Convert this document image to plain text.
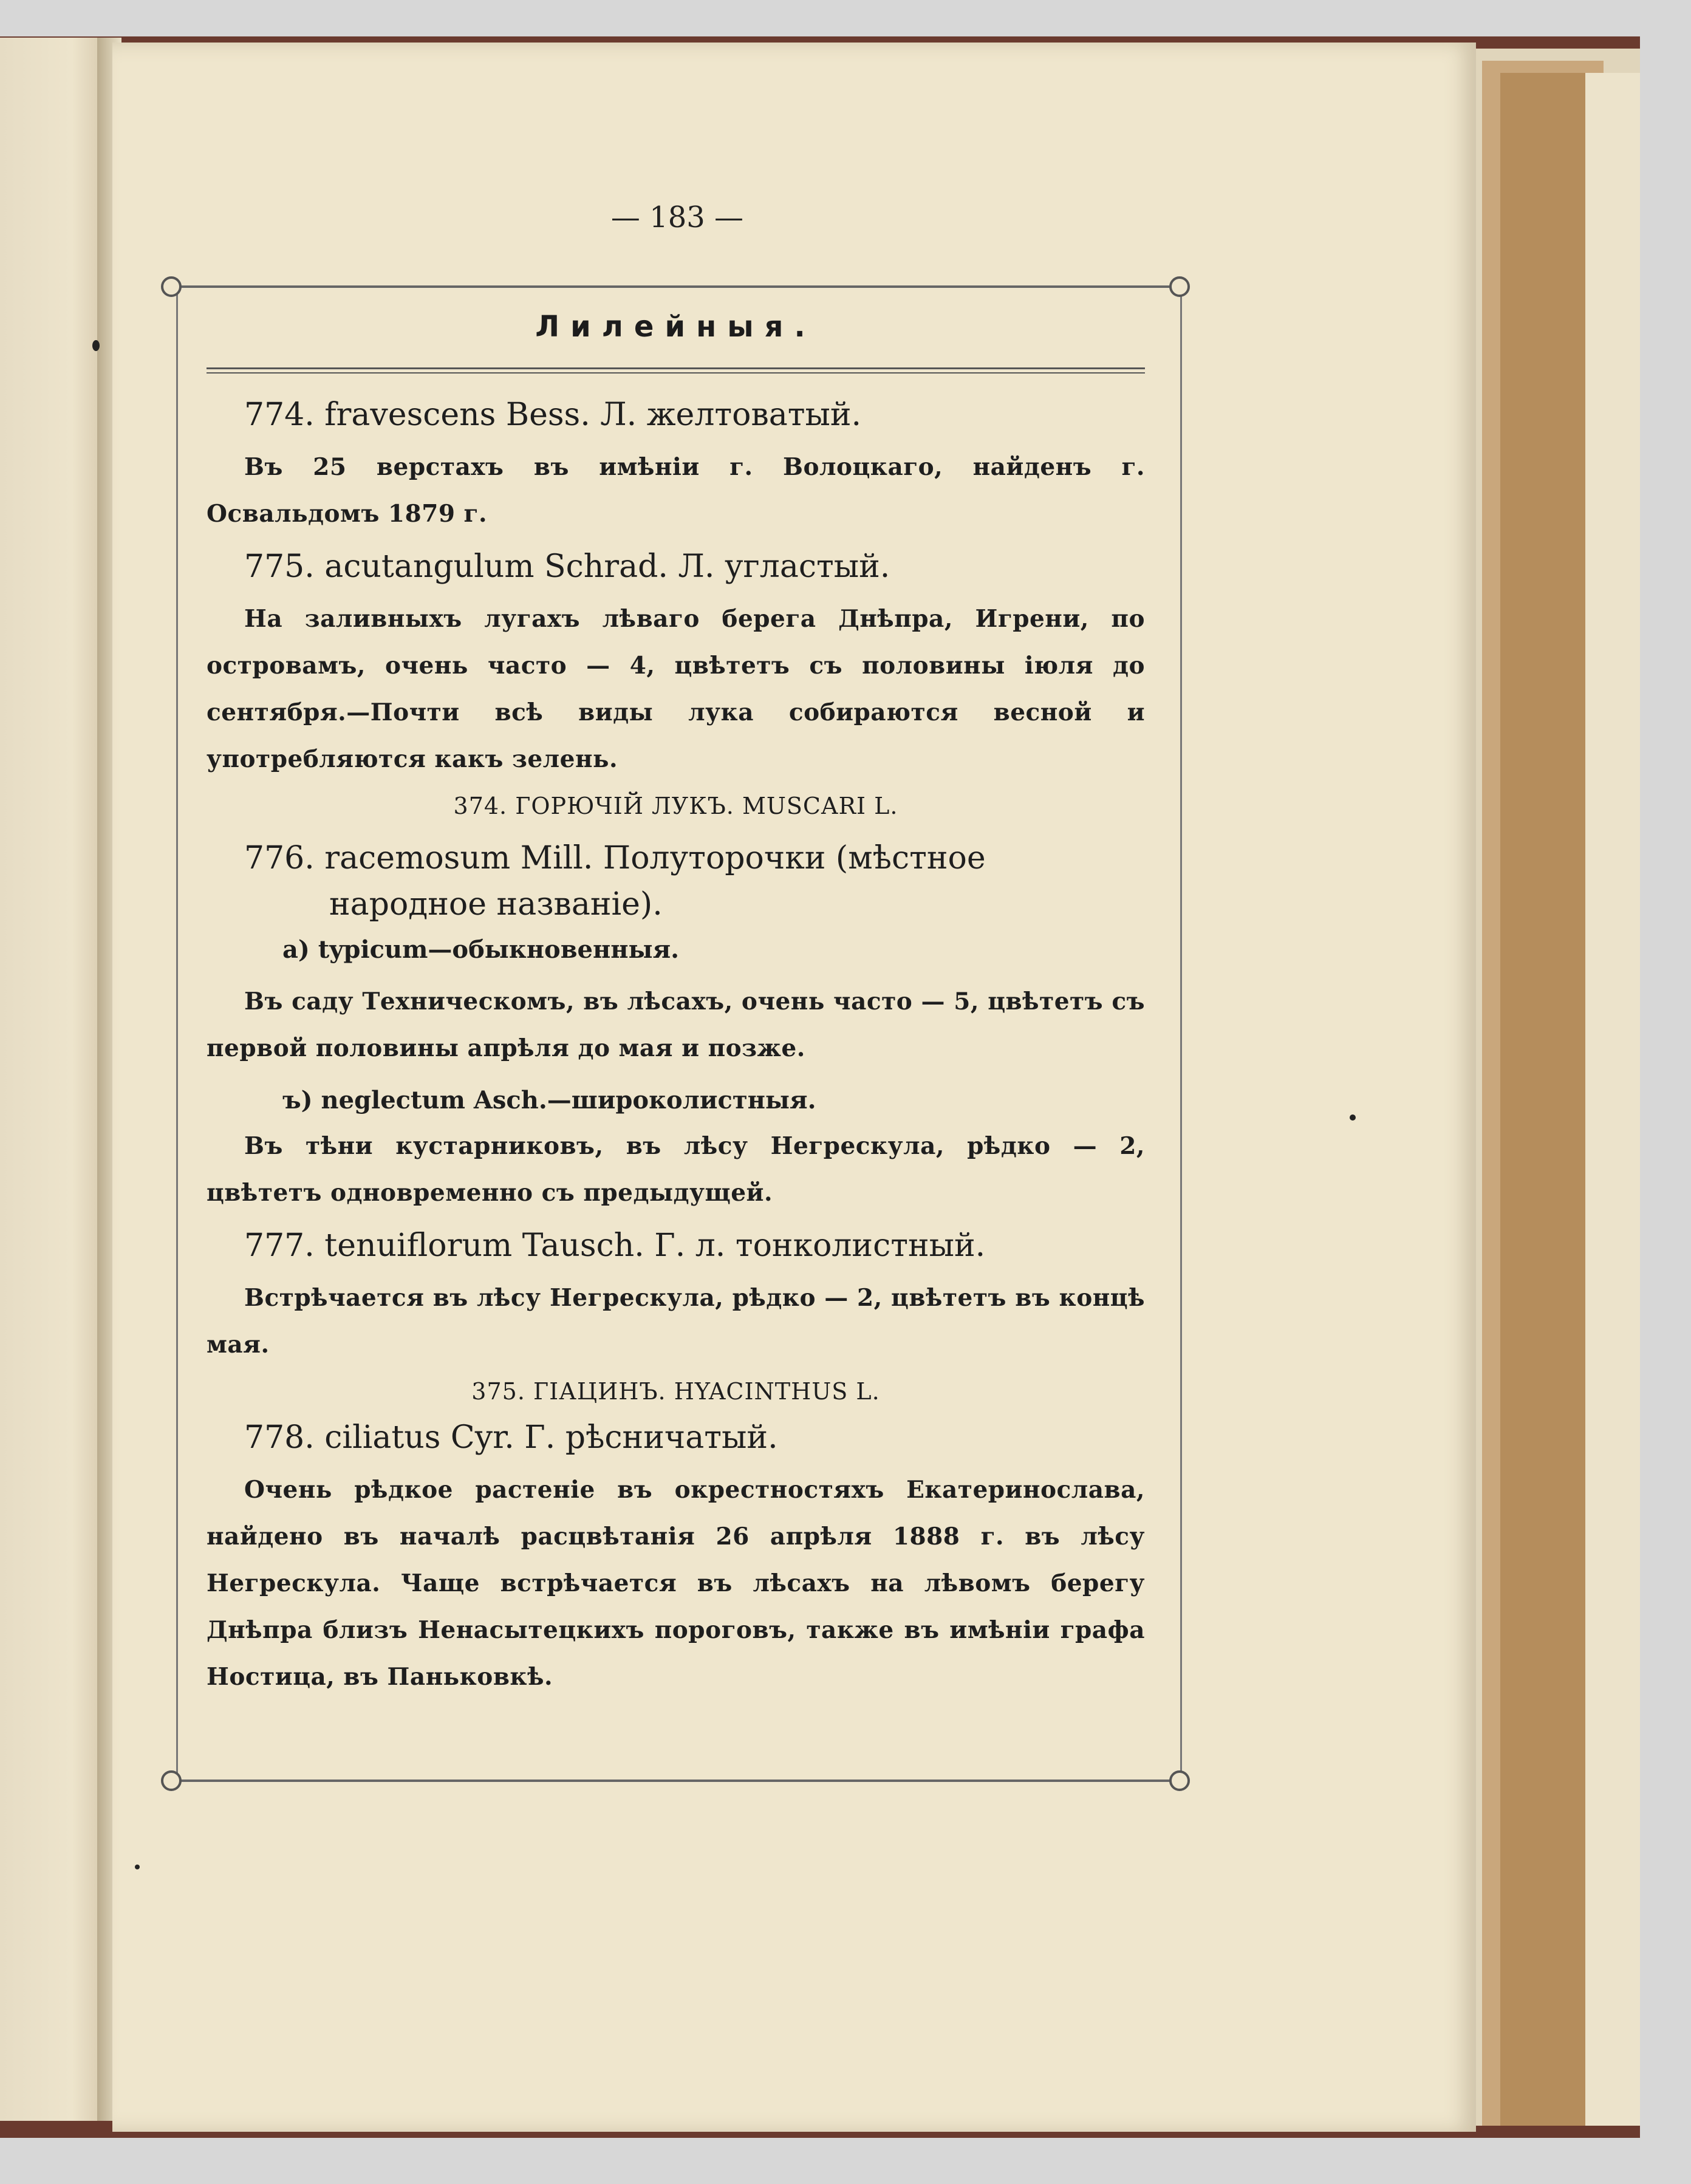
— 183 —
Лилейныя.

774. fravescens Bess. Л. желтоватый.

Въ 25 верстахъ въ имѣніи г. Волоцкаго, найденъ г. Освальдомъ 1879 г.

775. acutangulum Schrad. Л. угластый.

На заливныхъ лугахъ лѣваго берега Днѣпра, Игрени, по островамъ, очень часто — 4, цвѣтетъ съ половины іюля до сентября.—Почти всѣ виды лука собираются весной и употребляются какъ зелень.

374. ГОРЮЧІЙ ЛУКЪ. MUSCARI L.

776. racemosum Mill. Полуторочки (мѣстное народное названіе).

а) typicum—обыкновенныя.

Въ саду Техническомъ, въ лѣсахъ, очень часто — 5, цвѣтетъ съ первой половины апрѣля до мая и позже.

ъ) neglectum Asch.—широколистныя.

Въ тѣни кустарниковъ, въ лѣсу Негрескула, рѣдко — 2, цвѣтетъ одновременно съ предыдущей.

777. tenuiflorum Tausch. Г. л. тонколистный.

Встрѣчается въ лѣсу Негрескула, рѣдко — 2, цвѣтетъ въ концѣ мая.

375. ГІАЦИНЪ. HYACINTHUS L.

778. ciliatus Cyr. Г. рѣсничатый.

Очень рѣдкое растеніе въ окрестностяхъ Екатеринослава, найдено въ началѣ расцвѣтанія 26 апрѣля 1888 г. въ лѣсу Негрескула. Чаще встрѣчается въ лѣсахъ на лѣвомъ берегу Днѣпра близъ Ненасытецкихъ пороговъ, также въ имѣніи графа Ностица, въ Паньковкѣ.
